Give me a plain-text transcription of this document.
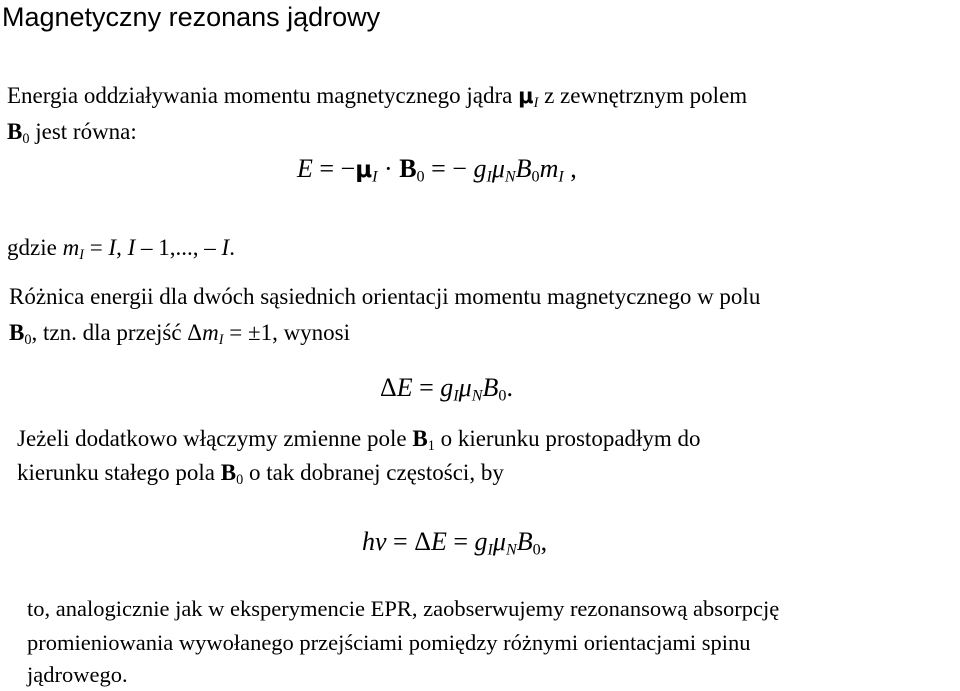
Magnetyczny rezonans jądrowy
Energia oddziaływania momentu magnetycznego jądra $\mu_I$ z zewnętrznym polem
$B_0$ jest równa:
$E = -\mu_I \cdot B_0$ = − $g_I\mu_NB_0m_I$ ,
gdzie $m_I = I$, I – 1,..., – I.
Różnica energii dla dwóch sąsiednich orientacji momentu magnetycznego w polu
$B_0$, tzn. dla przejść $\Delta m_I = \pm 1$, wynosi
$\Delta E = g_I\mu_NB_0$.
Jeżeli dodatkowo włączymy zmienne pole $B_1$ o kierunku prostopadłym do
kierunku stałego pola $B_0$ o tak dobranej częstości, by
hv = $\Delta E = g_I\mu_NB_0$,
to, analogicznie jak w eksperymencie EPR, zaobserwujemy rezonansową absorpcję
promieniowania wywołanego przejściami pomiędzy różnymi orientacjami spinu
jądrowego.
